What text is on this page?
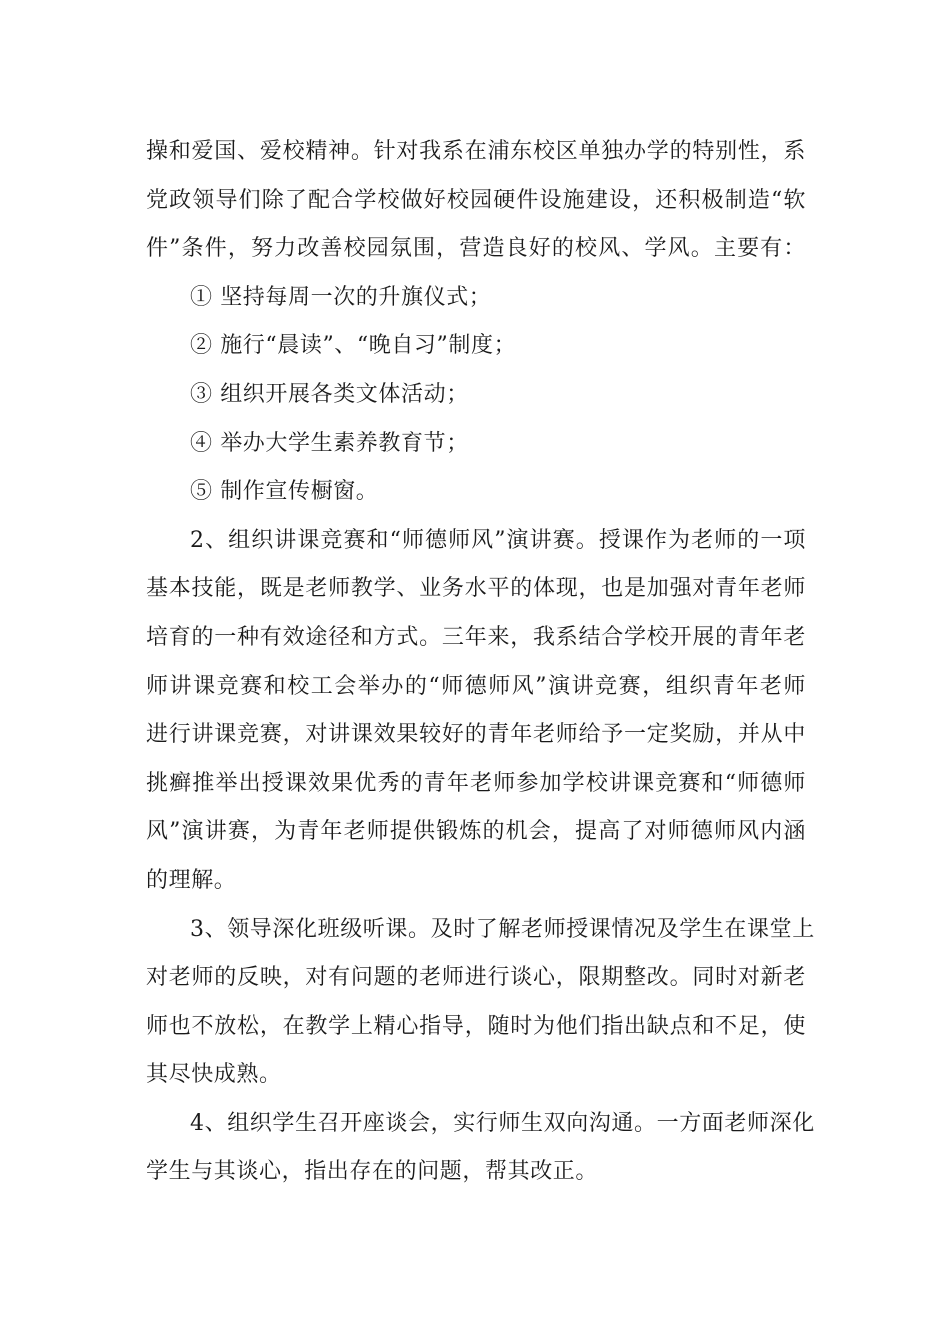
操和爱国、爱校精神。针对我系在浦东校区单独办学的特别性，系
党政领导们除了配合学校做好校园硬件设施建设，还积极制造“软
件”条件，努力改善校园氛围，营造良好的校风、学风。主要有：
① 坚持每周一次的升旗仪式；
② 施行“晨读”、“晚自习”制度；
③ 组织开展各类文体活动；
④ 举办大学生素养教育节；
⑤ 制作宣传橱窗。
2、组织讲课竞赛和“师德师风”演讲赛。授课作为老师的一项
基本技能，既是老师教学、业务水平的体现，也是加强对青年老师
培育的一种有效途径和方式。三年来，我系结合学校开展的青年老
师讲课竞赛和校工会举办的“师德师风”演讲竞赛，组织青年老师
进行讲课竞赛，对讲课效果较好的青年老师给予一定奖励，并从中
挑癣推举出授课效果优秀的青年老师参加学校讲课竞赛和“师德师
风”演讲赛，为青年老师提供锻炼的机会，提高了对师德师风内涵
的理解。
3、领导深化班级听课。及时了解老师授课情况及学生在课堂上
对老师的反映，对有问题的老师进行谈心，限期整改。同时对新老
师也不放松，在教学上精心指导，随时为他们指出缺点和不足，使
其尽快成熟。
4、组织学生召开座谈会，实行师生双向沟通。一方面老师深化
学生与其谈心，指出存在的问题，帮其改正。
